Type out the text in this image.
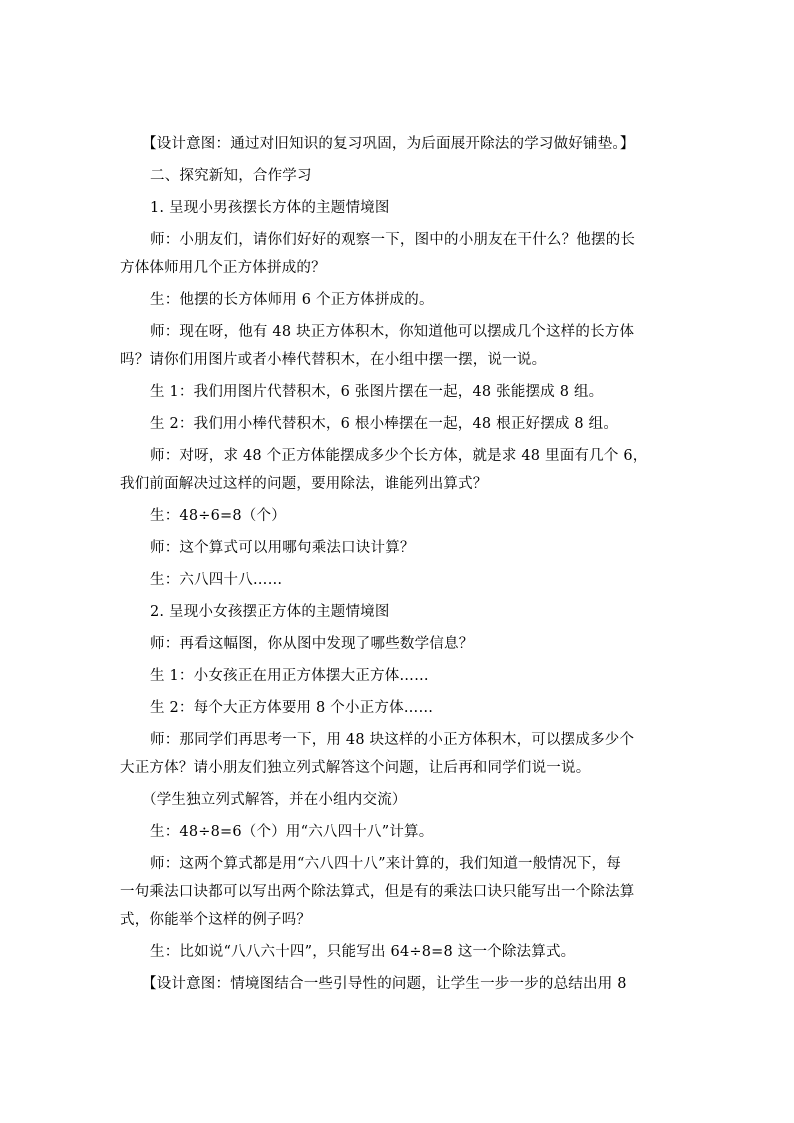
【设计意图：通过对旧知识的复习巩固，为后面展开除法的学习做好铺垫。】

二、探究新知，合作学习

1. 呈现小男孩摆长方体的主题情境图

师：小朋友们，请你们好好的观察一下，图中的小朋友在干什么？他摆的长

方体体师用几个正方体拼成的？

生：他摆的长方体师用 6 个正方体拼成的。

师：现在呀，他有 48 块正方体积木，你知道他可以摆成几个这样的长方体

吗？请你们用图片或者小棒代替积木，在小组中摆一摆，说一说。

生 1：我们用图片代替积木，6 张图片摆在一起，48 张能摆成 8 组。

生 2：我们用小棒代替积木，6 根小棒摆在一起，48 根正好摆成 8 组。

师：对呀，求 48 个正方体能摆成多少个长方体，就是求 48 里面有几个 6，

我们前面解决过这样的问题，要用除法，谁能列出算式？

生：48÷6=8（个）

师：这个算式可以用哪句乘法口诀计算？

生：六八四十八……

2. 呈现小女孩摆正方体的主题情境图

师：再看这幅图，你从图中发现了哪些数学信息？

生 1：小女孩正在用正方体摆大正方体……

生 2：每个大正方体要用 8 个小正方体……

师：那同学们再思考一下，用 48 块这样的小正方体积木，可以摆成多少个

大正方体？请小朋友们独立列式解答这个问题，让后再和同学们说一说。

（学生独立列式解答，并在小组内交流）

生：48÷8=6（个）用“六八四十八”计算。

师：这两个算式都是用“六八四十八”来计算的，我们知道一般情况下，每

一句乘法口诀都可以写出两个除法算式，但是有的乘法口诀只能写出一个除法算

式，你能举个这样的例子吗？

生：比如说“八八六十四”，只能写出 64÷8=8 这一个除法算式。

【设计意图：情境图结合一些引导性的问题，让学生一步一步的总结出用 8
